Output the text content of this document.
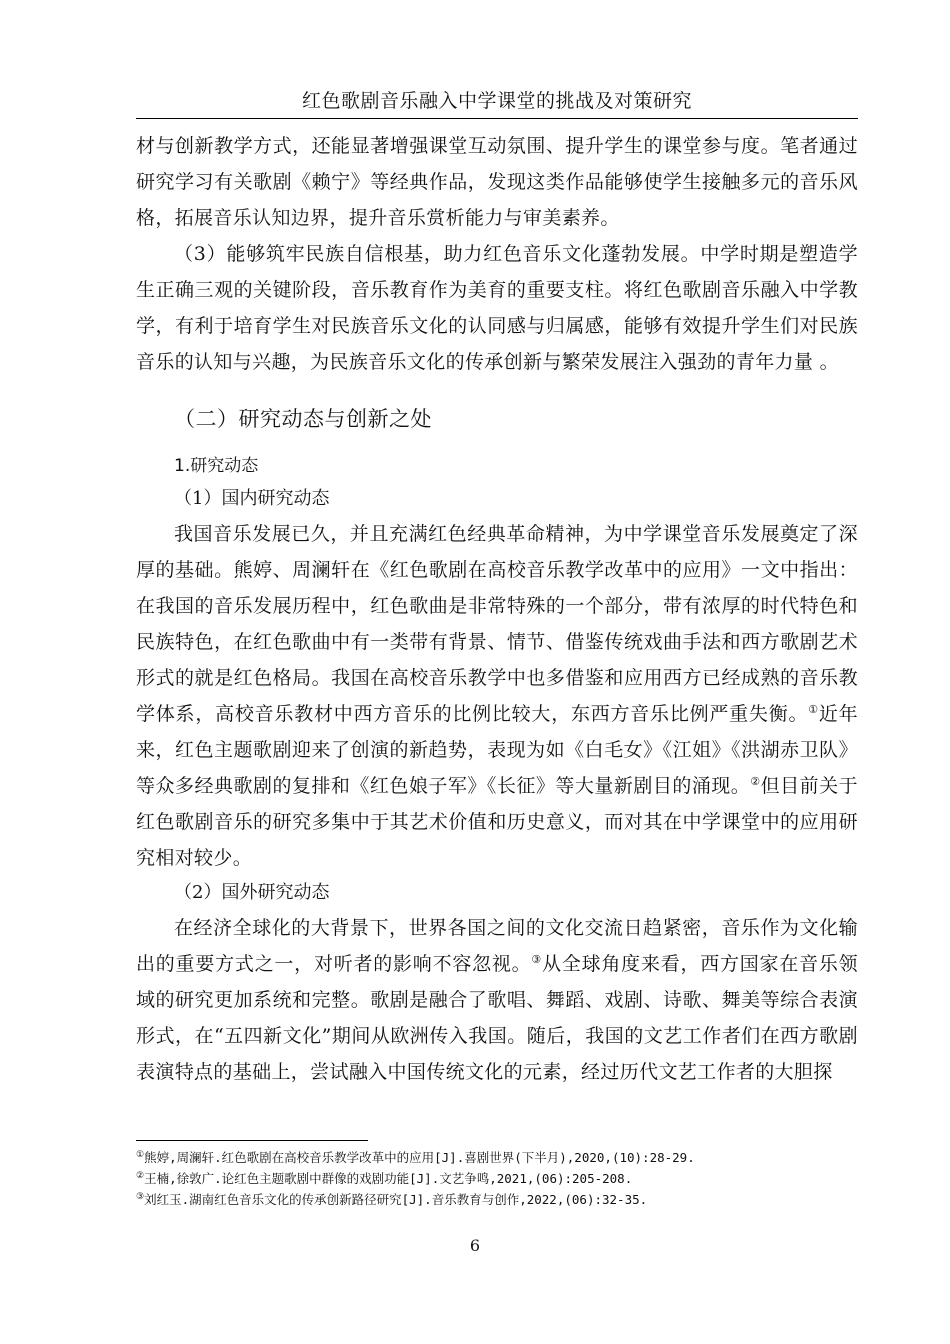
红色歌剧音乐融入中学课堂的挑战及对策研究

材与创新教学方式，还能显著增强课堂互动氛围、提升学生的课堂参与度。笔者通过研究学习有关歌剧《赖宁》等经典作品，发现这类作品能够使学生接触多元的音乐风格，拓展音乐认知边界，提升音乐赏析能力与审美素养。

（3）能够筑牢民族自信根基，助力红色音乐文化蓬勃发展。中学时期是塑造学生正确三观的关键阶段，音乐教育作为美育的重要支柱。将红色歌剧音乐融入中学教学，有利于培育学生对民族音乐文化的认同感与归属感，能够有效提升学生们对民族音乐的认知与兴趣，为民族音乐文化的传承创新与繁荣发展注入强劲的青年力量 。

（二）研究动态与创新之处
1.研究动态
（1）国内研究动态

我国音乐发展已久，并且充满红色经典革命精神，为中学课堂音乐发展奠定了深厚的基础。熊婷、周澜轩在《红色歌剧在高校音乐教学改革中的应用》一文中指出：在我国的音乐发展历程中，红色歌曲是非常特殊的一个部分，带有浓厚的时代特色和民族特色，在红色歌曲中有一类带有背景、情节、借鉴传统戏曲手法和西方歌剧艺术形式的就是红色格局。我国在高校音乐教学中也多借鉴和应用西方已经成熟的音乐教学体系，高校音乐教材中西方音乐的比例比较大，东西方音乐比例严重失衡。①近年来，红色主题歌剧迎来了创演的新趋势，表现为如《白毛女》《江姐》《洪湖赤卫队》等众多经典歌剧的复排和《红色娘子军》《长征》等大量新剧目的涌现。②但目前关于红色歌剧音乐的研究多集中于其艺术价值和历史意义，而对其在中学课堂中的应用研究相对较少。

（2）国外研究动态

在经济全球化的大背景下，世界各国之间的文化交流日趋紧密，音乐作为文化输出的重要方式之一，对听者的影响不容忽视。③从全球角度来看，西方国家在音乐领域的研究更加系统和完整。歌剧是融合了歌唱、舞蹈、戏剧、诗歌、舞美等综合表演形式，在“五四新文化”期间从欧洲传入我国。随后，我国的文艺工作者们在西方歌剧表演特点的基础上，尝试融入中国传统文化的元素，经过历代文艺工作者的大胆探

①熊婷,周澜轩.红色歌剧在高校音乐教学改革中的应用[J].喜剧世界(下半月),2020,(10):28-29.
②王楠,徐敦广.论红色主题歌剧中群像的戏剧功能[J].文艺争鸣,2021,(06):205-208.
③刘红玉.湖南红色音乐文化的传承创新路径研究[J].音乐教育与创作,2022,(06):32-35.
6
